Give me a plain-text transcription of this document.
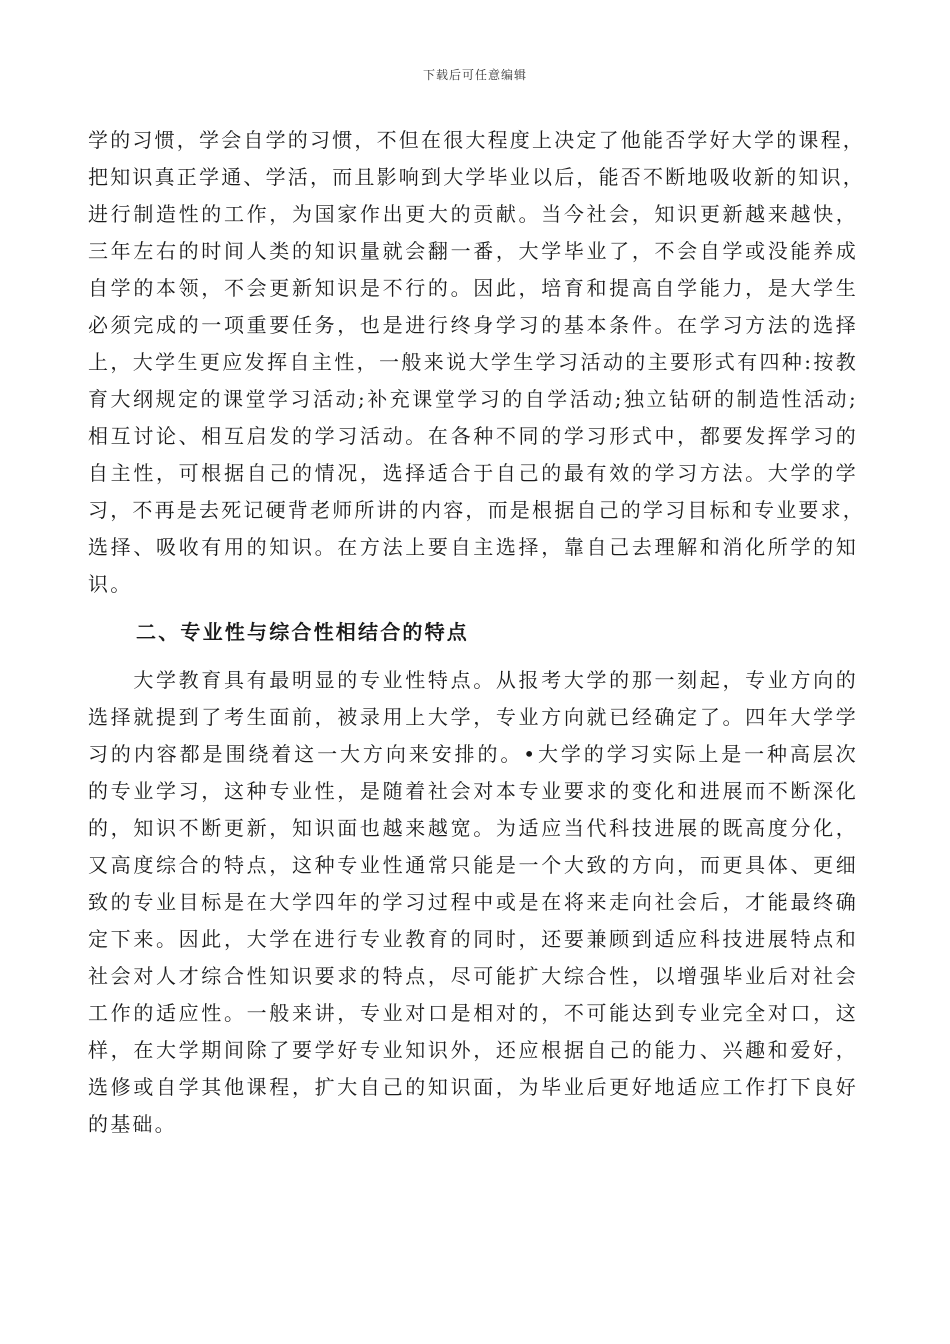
下载后可任意编辑
学的习惯，学会自学的习惯，不但在很大程度上决定了他能否学好大学的课程，
把知识真正学通、学活，而且影响到大学毕业以后，能否不断地吸收新的知识，
进行制造性的工作，为国家作出更大的贡献。当今社会，知识更新越来越快，
三年左右的时间人类的知识量就会翻一番，大学毕业了，不会自学或没能养成
自学的本领，不会更新知识是不行的。因此，培育和提高自学能力，是大学生
必须完成的一项重要任务，也是进行终身学习的基本条件。在学习方法的选择
上，大学生更应发挥自主性，一般来说大学生学习活动的主要形式有四种:按教
育大纲规定的课堂学习活动;补充课堂学习的自学活动;独立钻研的制造性活动;
相互讨论、相互启发的学习活动。在各种不同的学习形式中，都要发挥学习的
自主性，可根据自己的情况，选择适合于自己的最有效的学习方法。大学的学
习，不再是去死记硬背老师所讲的内容，而是根据自己的学习目标和专业要求，
选择、吸收有用的知识。在方法上要自主选择，靠自己去理解和消化所学的知
识。
二、专业性与综合性相结合的特点
　　大学教育具有最明显的专业性特点。从报考大学的那一刻起，专业方向的
选择就提到了考生面前，被录用上大学，专业方向就已经确定了。四年大学学
习的内容都是围绕着这一大方向来安排的。•大学的学习实际上是一种高层次
的专业学习，这种专业性，是随着社会对本专业要求的变化和进展而不断深化
的，知识不断更新，知识面也越来越宽。为适应当代科技进展的既高度分化，
又高度综合的特点，这种专业性通常只能是一个大致的方向，而更具体、更细
致的专业目标是在大学四年的学习过程中或是在将来走向社会后，才能最终确
定下来。因此，大学在进行专业教育的同时，还要兼顾到适应科技进展特点和
社会对人才综合性知识要求的特点，尽可能扩大综合性，以增强毕业后对社会
工作的适应性。一般来讲，专业对口是相对的，不可能达到专业完全对口，这
样，在大学期间除了要学好专业知识外，还应根据自己的能力、兴趣和爱好，
选修或自学其他课程，扩大自己的知识面，为毕业后更好地适应工作打下良好
的基础。
